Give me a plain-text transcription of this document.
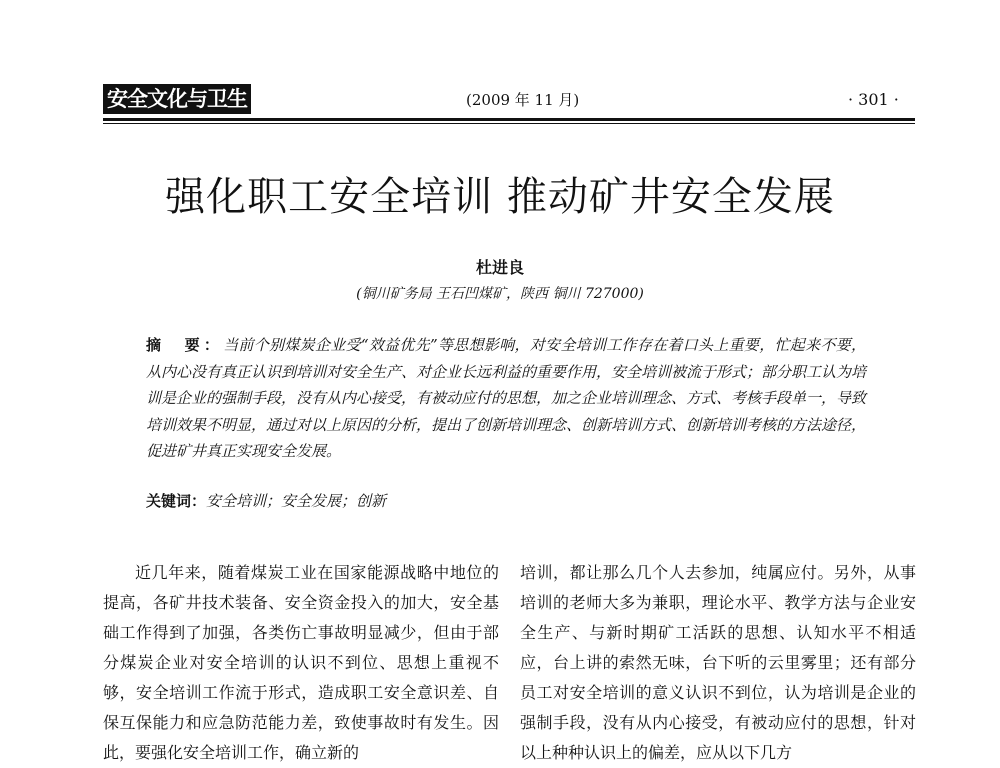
安全文化与卫生	(2009 年 11 月)	· 301 ·
强化职工安全培训 推动矿井安全发展
杜进良
(铜川矿务局 王石凹煤矿，陕西 铜川 727000)
摘　要：当前个别煤炭企业受“效益优先”等思想影响，对安全培训工作存在着口头上重要，忙起来不要，从内心没有真正认识到培训对安全生产、对企业长远利益的重要作用，安全培训被流于形式；部分职工认为培训是企业的强制手段，没有从内心接受，有被动应付的思想，加之企业培训理念、方式、考核手段单一，导致培训效果不明显，通过对以上原因的分析，提出了创新培训理念、创新培训方式、创新培训考核的方法途径，促进矿井真正实现安全发展。
关键词：安全培训；安全发展；创新
近几年来，随着煤炭工业在国家能源战略中地位的提高，各矿井技术装备、安全资金投入的加大，安全基础工作得到了加强，各类伤亡事故明显减少，但由于部分煤炭企业对安全培训的认识不到位、思想上重视不够，安全培训工作流于形式，造成职工安全意识差、自保互保能力和应急防范能力差，致使事故时有发生。因此，要强化安全培训工作，确立新的
培训，都让那么几个人去参加，纯属应付。另外，从事培训的老师大多为兼职，理论水平、教学方法与企业安全生产、与新时期矿工活跃的思想、认知水平不相适应，台上讲的索然无味，台下听的云里雾里；还有部分员工对安全培训的意义认识不到位，认为培训是企业的强制手段，没有从内心接受，有被动应付的思想，针对以上种种认识上的偏差，应从以下几方
